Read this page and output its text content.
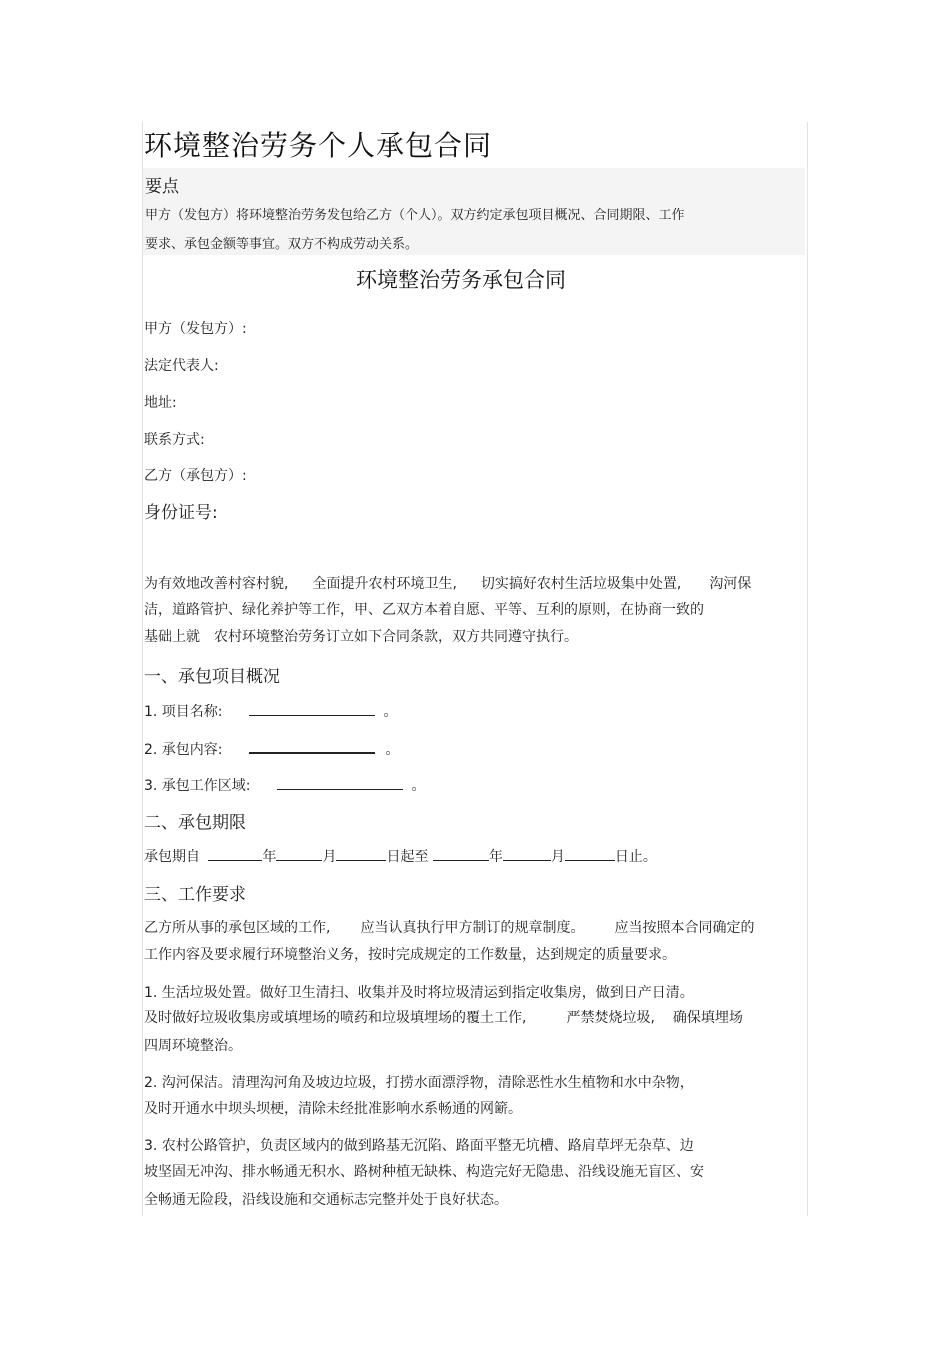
环境整治劳务个人承包合同
要点
甲方（发包方）将环境整治劳务发包给乙方（个人）。双方约定承包项目概况、合同期限、工作
要求、承包金额等事宜。双方不构成劳动关系。
环境整治劳务承包合同
甲方（发包方）:
法定代表人:
地址:
联系方式:
乙方（承包方）:
身份证号:
为有效地改善村容村貌, 全面提升农村环境卫生, 切实搞好农村生活垃圾集中处置, 沟河保
洁，道路管护、绿化养护等工作，甲、乙双方本着自愿、平等、互利的原则，在协商一致的
基础上就　农村环境整治劳务订立如下合同条款，双方共同遵守执行。
一、承包项目概况
1. 项目名称:	。
2. 承包内容:	。
3. 承包工作区域:	。
二、承包期限
承包期自	年	月	日起至	年	月	日止。
三、工作要求
乙方所从事的承包区域的工作, 应当认真执行甲方制订的规章制度。 应当按照本合同确定的
工作内容及要求履行环境整治义务，按时完成规定的工作数量，达到规定的质量要求。
1. 生活垃圾处置。做好卫生清扫、收集并及时将垃圾清运到指定收集房，做到日产日清。
及时做好垃圾收集房或填埋场的喷药和垃圾填埋场的覆土工作,	严禁焚烧垃圾, 确保填埋场
四周环境整治。
2. 沟河保洁。清理沟河角及坡边垃圾，打捞水面漂浮物，清除恶性水生植物和水中杂物，
及时开通水中坝头坝梗，清除未经批准影响水系畅通的网簖。
3. 农村公路管护，负责区域内的做到路基无沉陷、路面平整无坑槽、路肩草坪无杂草、边
坡坚固无冲沟、排水畅通无积水、路树种植无缺株、构造完好无隐患、沿线设施无盲区、安
全畅通无险段，沿线设施和交通标志完整并处于良好状态。
